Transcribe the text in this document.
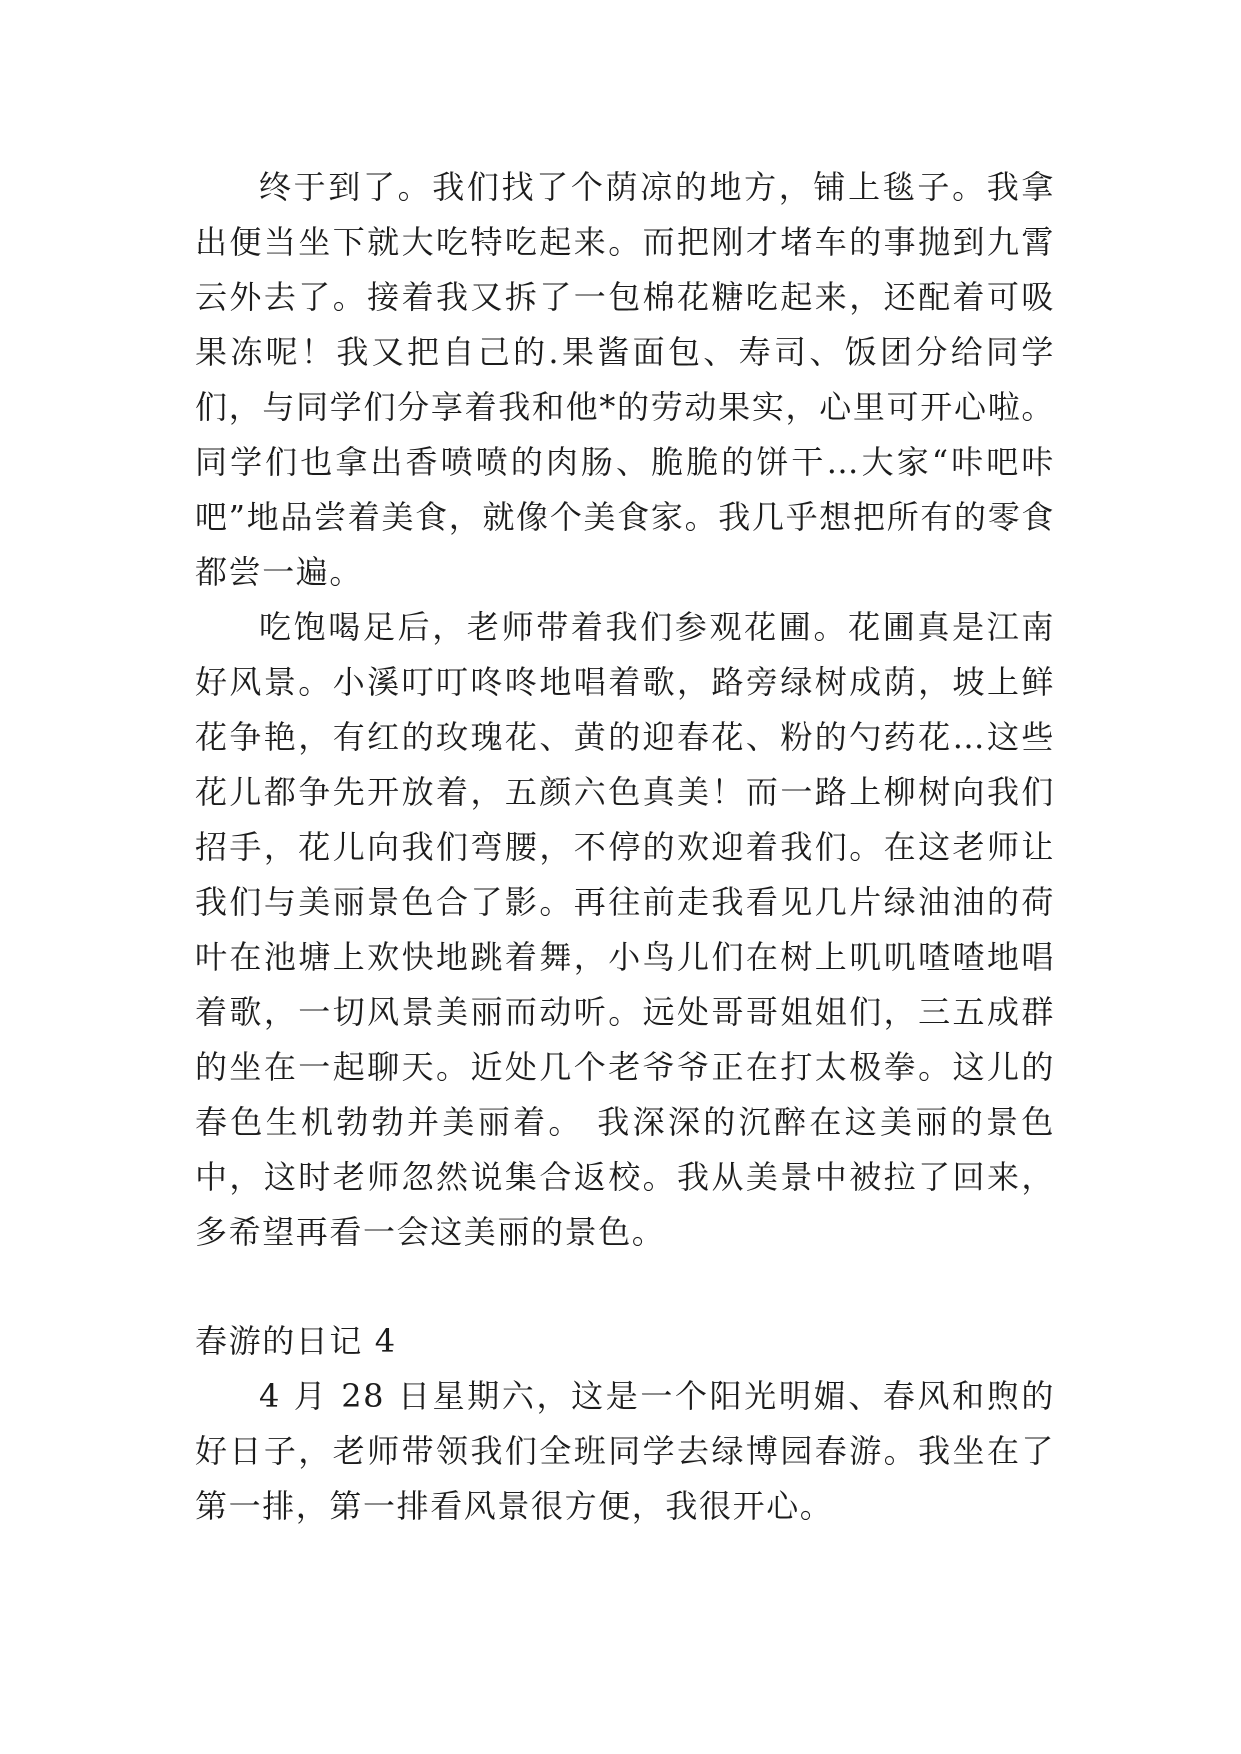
终于到了。我们找了个荫凉的地方，铺上毯子。我拿出便当坐下就大吃特吃起来。而把刚才堵车的事抛到九霄云外去了。接着我又拆了一包棉花糖吃起来，还配着可吸果冻呢！我又把自己的.果酱面包、寿司、饭团分给同学们，与同学们分享着我和他*的劳动果实，心里可开心啦。同学们也拿出香喷喷的肉肠、脆脆的饼干…大家“咔吧咔吧”地品尝着美食，就像个美食家。我几乎想把所有的零食都尝一遍。

吃饱喝足后，老师带着我们参观花圃。花圃真是江南好风景。小溪叮叮咚咚地唱着歌，路旁绿树成荫，坡上鲜花争艳，有红的玫瑰花、黄的迎春花、粉的勺药花…这些花儿都争先开放着，五颜六色真美！而一路上柳树向我们招手，花儿向我们弯腰，不停的欢迎着我们。在这老师让我们与美丽景色合了影。再往前走我看见几片绿油油的荷叶在池塘上欢快地跳着舞，小鸟儿们在树上叽叽喳喳地唱着歌，一切风景美丽而动听。远处哥哥姐姐们，三五成群的坐在一起聊天。近处几个老爷爷正在打太极拳。这儿的春色生机勃勃并美丽着。 我深深的沉醉在这美丽的景色中，这时老师忽然说集合返校。我从美景中被拉了回来，多希望再看一会这美丽的景色。

春游的日记 4

4 月 28 日星期六，这是一个阳光明媚、春风和煦的好日子，老师带领我们全班同学去绿博园春游。我坐在了第一排，第一排看风景很方便，我很开心。
